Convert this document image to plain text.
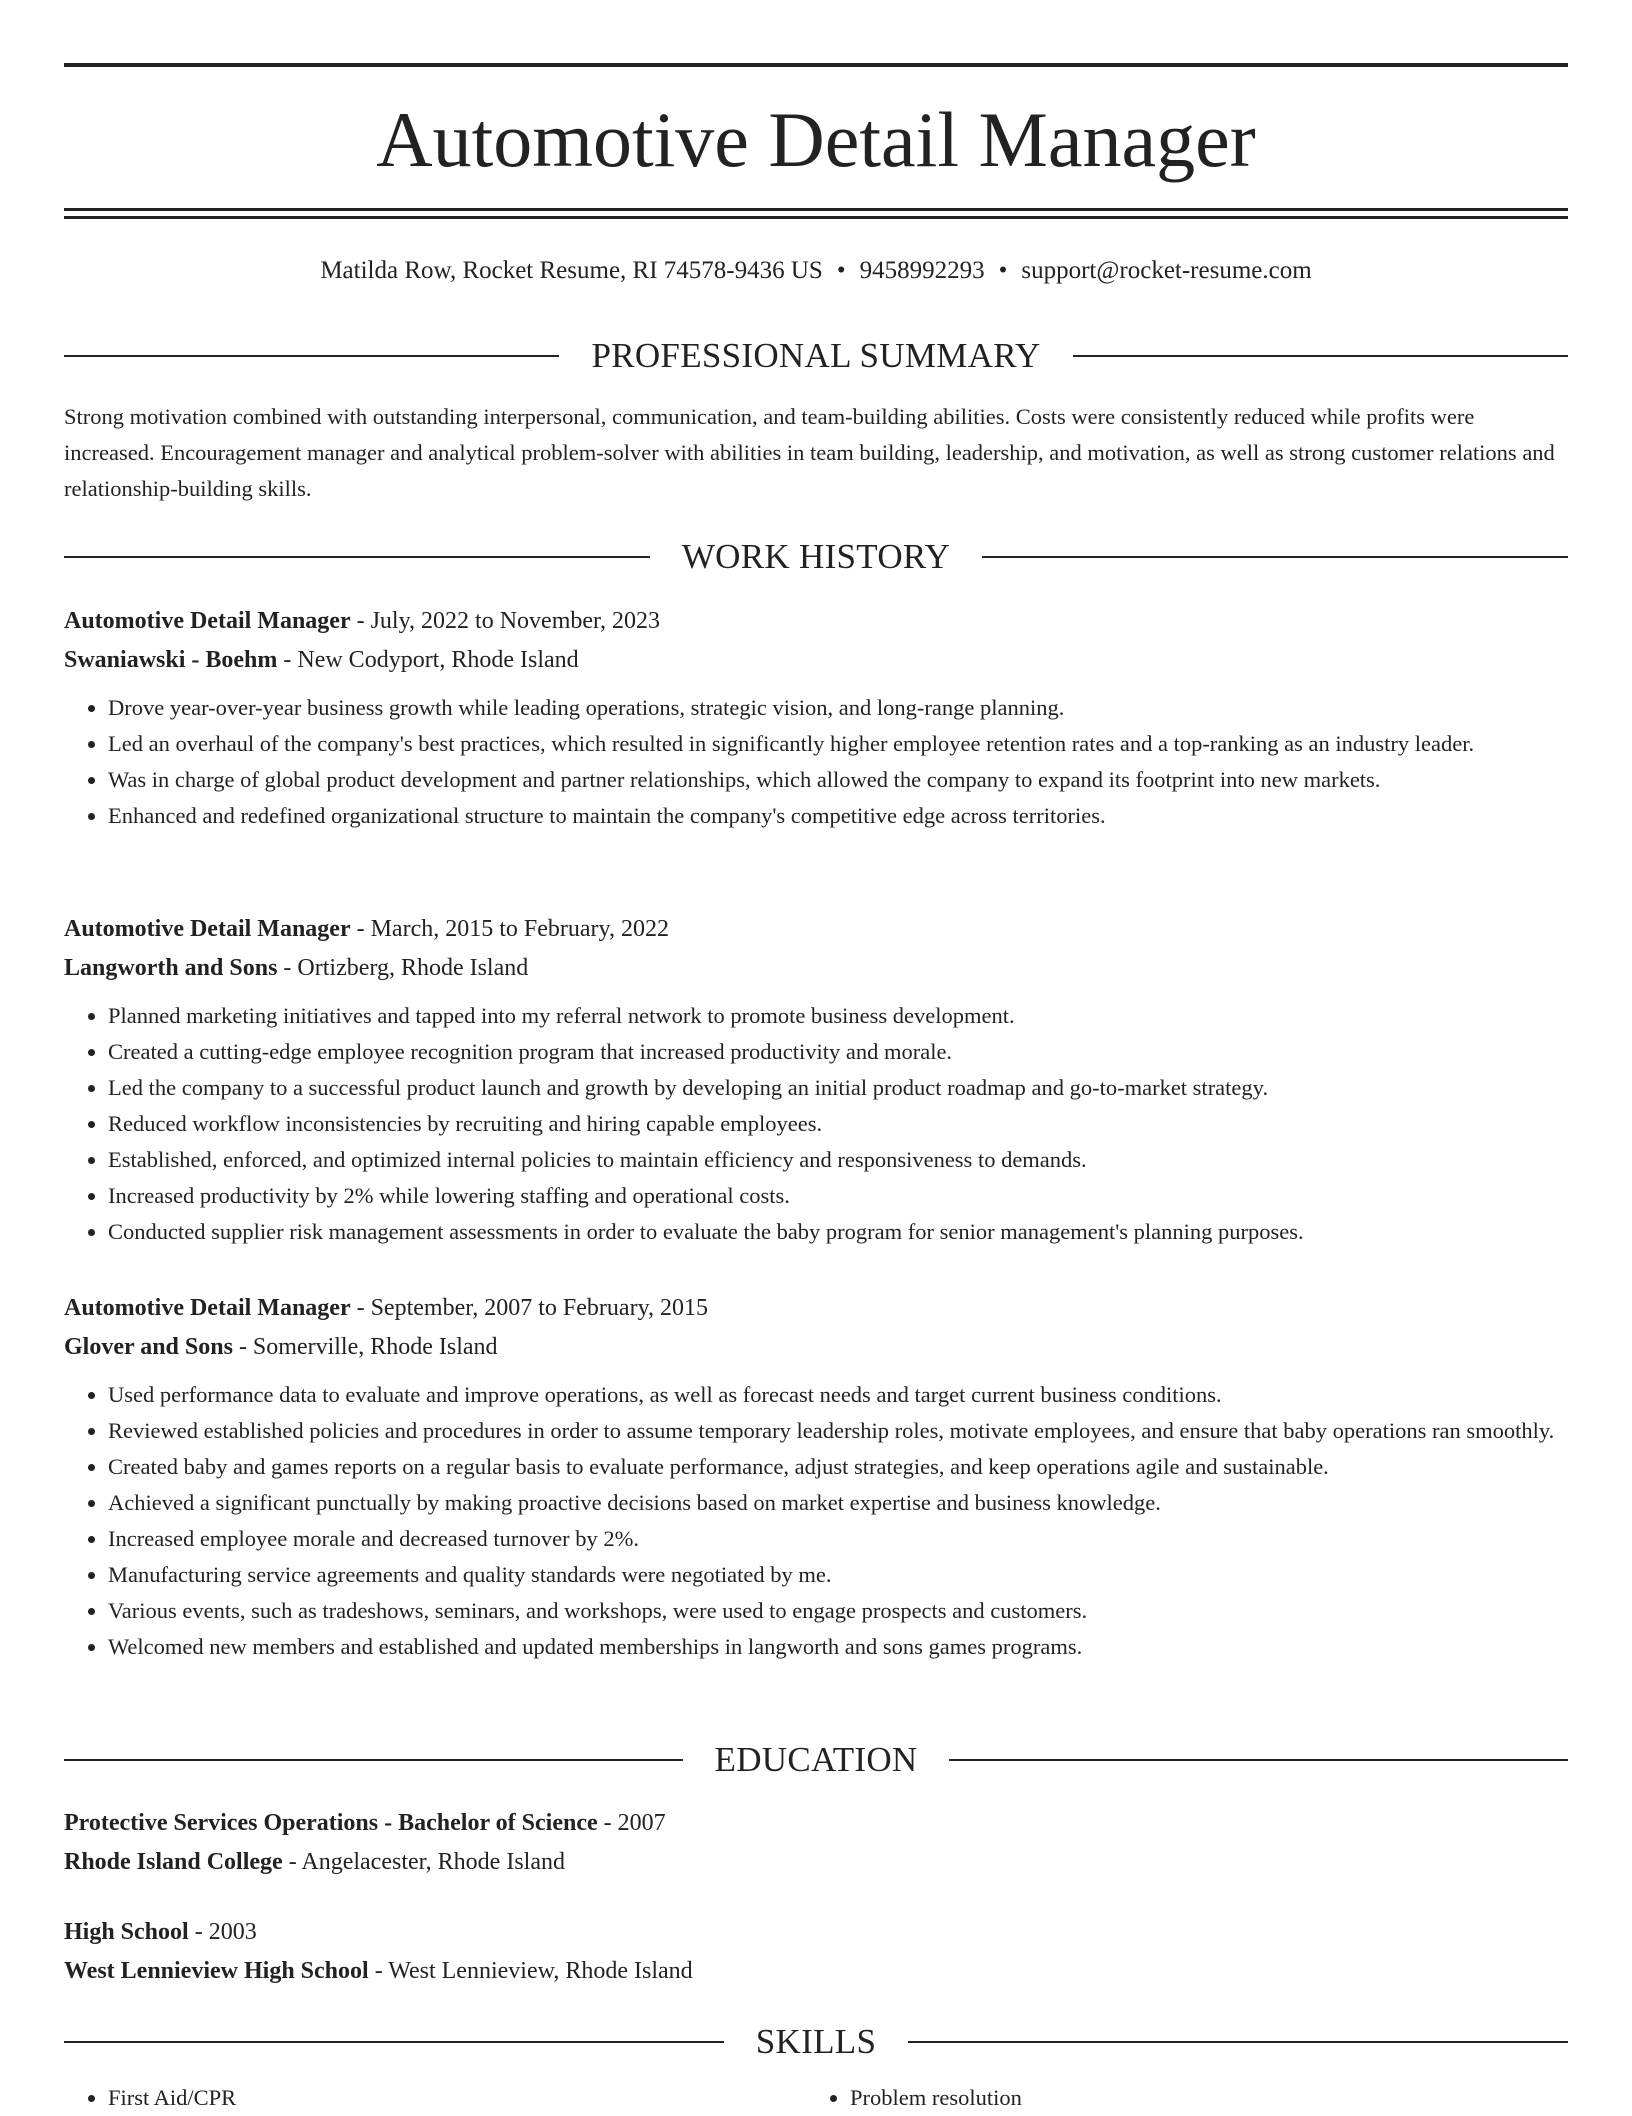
Automotive Detail Manager
Matilda Row, Rocket Resume, RI 74578-9436 US • 9458992293 • support@rocket-resume.com
PROFESSIONAL SUMMARY

Strong motivation combined with outstanding interpersonal, communication, and team-building abilities. Costs were consistently reduced while profits were increased. Encouragement manager and analytical problem-solver with abilities in team building, leadership, and motivation, as well as strong customer relations and relationship-building skills.

WORK HISTORY
Automotive Detail Manager - July, 2022 to November, 2023
Swaniawski - Boehm - New Codyport, Rhode Island
• Drove year-over-year business growth while leading operations, strategic vision, and long-range planning.
• Led an overhaul of the company's best practices, which resulted in significantly higher employee retention rates and a top-ranking as an industry leader.
• Was in charge of global product development and partner relationships, which allowed the company to expand its footprint into new markets.
• Enhanced and redefined organizational structure to maintain the company's competitive edge across territories.
Automotive Detail Manager - March, 2015 to February, 2022
Langworth and Sons - Ortizberg, Rhode Island
• Planned marketing initiatives and tapped into my referral network to promote business development.
• Created a cutting-edge employee recognition program that increased productivity and morale.
• Led the company to a successful product launch and growth by developing an initial product roadmap and go-to-market strategy.
• Reduced workflow inconsistencies by recruiting and hiring capable employees.
• Established, enforced, and optimized internal policies to maintain efficiency and responsiveness to demands.
• Increased productivity by 2% while lowering staffing and operational costs.
• Conducted supplier risk management assessments in order to evaluate the baby program for senior management's planning purposes.
Automotive Detail Manager - September, 2007 to February, 2015
Glover and Sons - Somerville, Rhode Island
• Used performance data to evaluate and improve operations, as well as forecast needs and target current business conditions.
• Reviewed established policies and procedures in order to assume temporary leadership roles, motivate employees, and ensure that baby operations ran smoothly.
• Created baby and games reports on a regular basis to evaluate performance, adjust strategies, and keep operations agile and sustainable.
• Achieved a significant punctually by making proactive decisions based on market expertise and business knowledge.
• Increased employee morale and decreased turnover by 2%.
• Manufacturing service agreements and quality standards were negotiated by me.
• Various events, such as tradeshows, seminars, and workshops, were used to engage prospects and customers.
• Welcomed new members and established and updated memberships in langworth and sons games programs.
EDUCATION
Protective Services Operations - Bachelor of Science - 2007
Rhode Island College - Angelacester, Rhode Island
High School - 2003
West Lennieview High School - West Lennieview, Rhode Island
SKILLS
• First Aid/CPR
•	Problem resolution
